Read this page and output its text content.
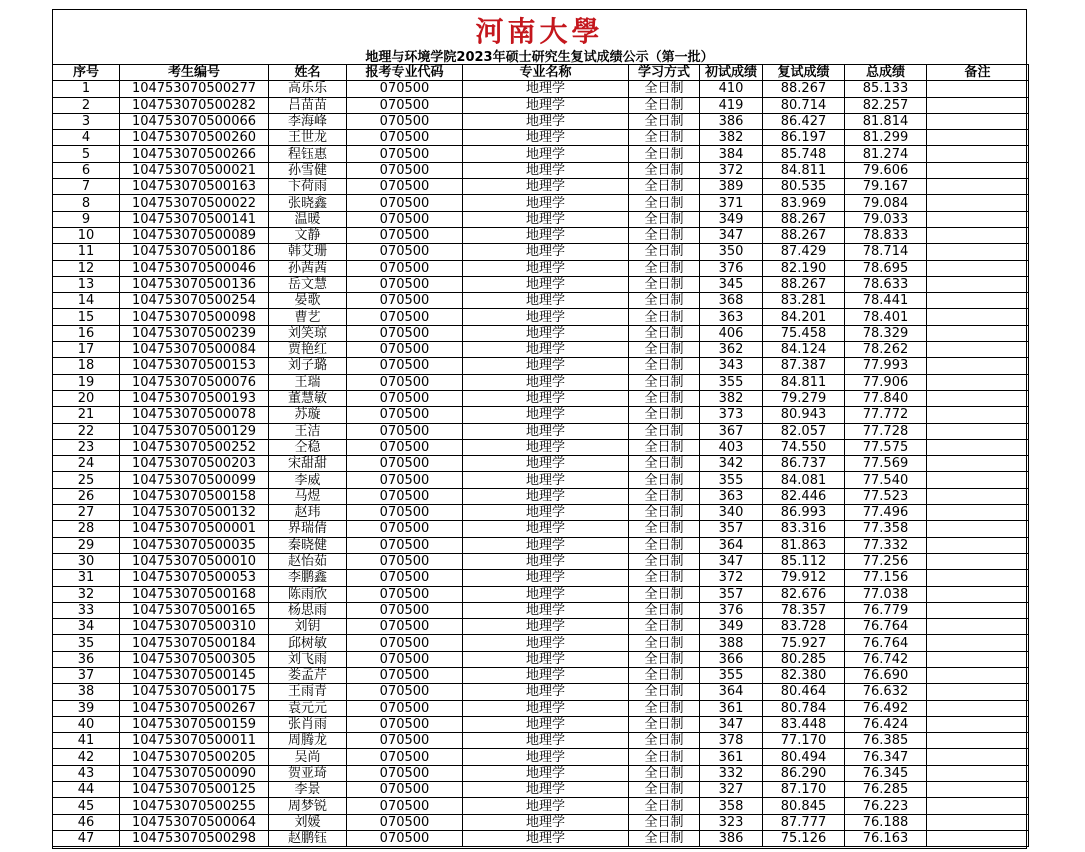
河南大學
地理与环境学院2023年硕士研究生复试成绩公示（第一批）
序号	考生编号	姓名	报考专业代码	专业名称	学习方式	初试成绩	复试成绩	总成绩	备注
1	104753070500277	高乐乐	070500	地理学	全日制	410	88.267	85.133	
2	104753070500282	吕苗苗	070500	地理学	全日制	419	80.714	82.257	
3	104753070500066	李海峰	070500	地理学	全日制	386	86.427	81.814	
4	104753070500260	王世龙	070500	地理学	全日制	382	86.197	81.299	
5	104753070500266	程钰惠	070500	地理学	全日制	384	85.748	81.274	
6	104753070500021	孙雪健	070500	地理学	全日制	372	84.811	79.606	
7	104753070500163	卞荷雨	070500	地理学	全日制	389	80.535	79.167	
8	104753070500022	张晓鑫	070500	地理学	全日制	371	83.969	79.084	
9	104753070500141	温暖	070500	地理学	全日制	349	88.267	79.033	
10	104753070500089	文静	070500	地理学	全日制	347	88.267	78.833	
11	104753070500186	韩艾珊	070500	地理学	全日制	350	87.429	78.714	
12	104753070500046	孙茜茜	070500	地理学	全日制	376	82.190	78.695	
13	104753070500136	岳文慧	070500	地理学	全日制	345	88.267	78.633	
14	104753070500254	晏歌	070500	地理学	全日制	368	83.281	78.441	
15	104753070500098	曹艺	070500	地理学	全日制	363	84.201	78.401	
16	104753070500239	刘笑琼	070500	地理学	全日制	406	75.458	78.329	
17	104753070500084	贾艳红	070500	地理学	全日制	362	84.124	78.262	
18	104753070500153	刘子璐	070500	地理学	全日制	343	87.387	77.993	
19	104753070500076	王瑞	070500	地理学	全日制	355	84.811	77.906	
20	104753070500193	董慧敏	070500	地理学	全日制	382	79.279	77.840	
21	104753070500078	苏璇	070500	地理学	全日制	373	80.943	77.772	
22	104753070500129	王洁	070500	地理学	全日制	367	82.057	77.728	
23	104753070500252	仝稳	070500	地理学	全日制	403	74.550	77.575	
24	104753070500203	宋甜甜	070500	地理学	全日制	342	86.737	77.569	
25	104753070500099	李威	070500	地理学	全日制	355	84.081	77.540	
26	104753070500158	马煜	070500	地理学	全日制	363	82.446	77.523	
27	104753070500132	赵玮	070500	地理学	全日制	340	86.993	77.496	
28	104753070500001	界瑞倩	070500	地理学	全日制	357	83.316	77.358	
29	104753070500035	秦晓健	070500	地理学	全日制	364	81.863	77.332	
30	104753070500010	赵怡茹	070500	地理学	全日制	347	85.112	77.256	
31	104753070500053	李鹏鑫	070500	地理学	全日制	372	79.912	77.156	
32	104753070500168	陈雨欣	070500	地理学	全日制	357	82.676	77.038	
33	104753070500165	杨思雨	070500	地理学	全日制	376	78.357	76.779	
34	104753070500310	刘钥	070500	地理学	全日制	349	83.728	76.764	
35	104753070500184	邱树敏	070500	地理学	全日制	388	75.927	76.764	
36	104753070500305	刘飞雨	070500	地理学	全日制	366	80.285	76.742	
37	104753070500145	娄孟芹	070500	地理学	全日制	355	82.380	76.690	
38	104753070500175	王雨青	070500	地理学	全日制	364	80.464	76.632	
39	104753070500267	袁元元	070500	地理学	全日制	361	80.784	76.492	
40	104753070500159	张肖雨	070500	地理学	全日制	347	83.448	76.424	
41	104753070500011	周腾龙	070500	地理学	全日制	378	77.170	76.385	
42	104753070500205	吴尚	070500	地理学	全日制	361	80.494	76.347	
43	104753070500090	贺亚琦	070500	地理学	全日制	332	86.290	76.345	
44	104753070500125	李景	070500	地理学	全日制	327	87.170	76.285	
45	104753070500255	周梦锐	070500	地理学	全日制	358	80.845	76.223	
46	104753070500064	刘媛	070500	地理学	全日制	323	87.777	76.188	
47	104753070500298	赵鹏钰	070500	地理学	全日制	386	75.126	76.163	
